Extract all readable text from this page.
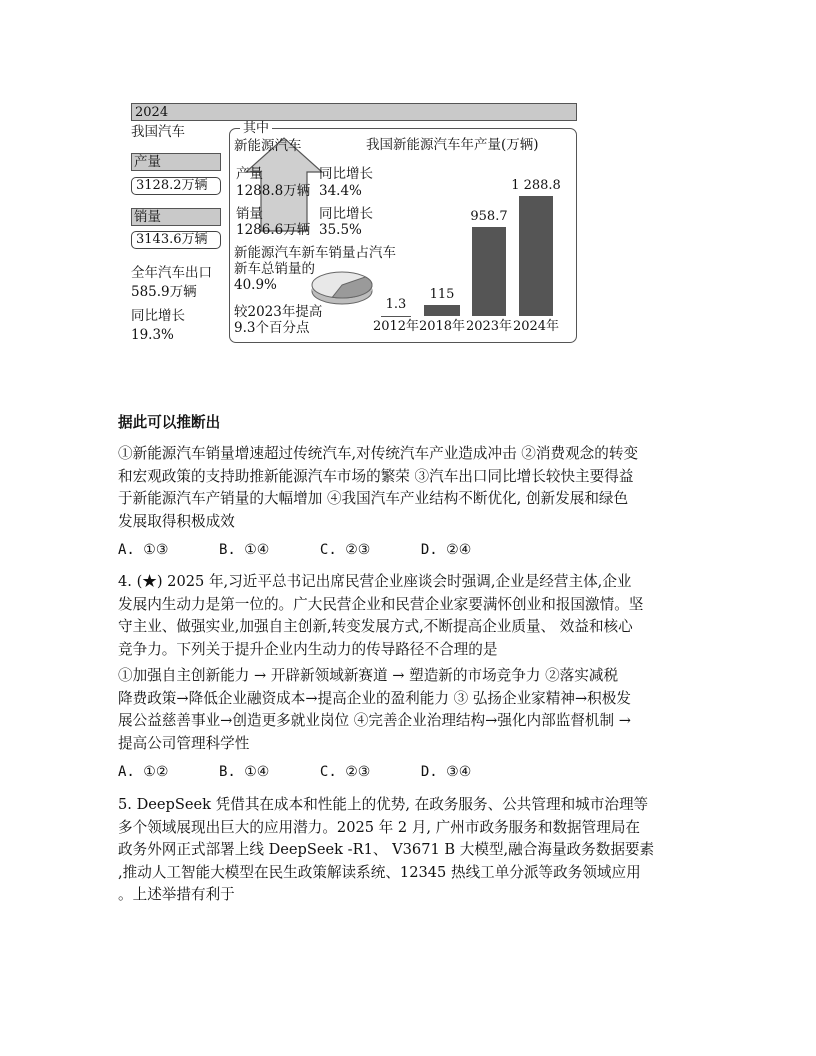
2024
我国汽车
产量
3128.2万辆
销量
3143.6万辆
全年汽车出口
585.9万辆
同比增长
19.3%
其中
新能源汽车
产量
1288.8万辆
同比增长
34.4%
销量
1286.6万辆
同比增长
35.5%
新能源汽车新车销量占汽车
新车总销量的
40.9%
较2023年提高
9.3个百分点
我国新能源汽车年产量(万辆)
1.3
2012年
115
2018年
958.7
2023年
1 288.8
2024年
据此可以推断出
①新能源汽车销量增速超过传统汽车,对传统汽车产业造成冲击 ②消费观念的转变
和宏观政策的支持助推新能源汽车市场的繁荣 ③汽车出口同比增长较快主要得益
于新能源汽车产销量的大幅增加 ④我国汽车产业结构不断优化, 创新发展和绿色
发展取得积极成效
A. ①③      B. ①④      C. ②③      D. ②④
4. (★) 2025 年,习近平总书记出席民营企业座谈会时强调,企业是经营主体,企业
发展内生动力是第一位的。广大民营企业和民营企业家要满怀创业和报国激情。坚
守主业、做强实业,加强自主创新,转变发展方式,不断提高企业质量、 效益和核心
竞争力。下列关于提升企业内生动力的传导路径不合理的是
①加强自主创新能力 → 开辟新领域新赛道 → 塑造新的市场竞争力 ②落实减税
降费政策→降低企业融资成本→提高企业的盈利能力 ③ 弘扬企业家精神→积极发
展公益慈善事业→创造更多就业岗位 ④完善企业治理结构→强化内部监督机制 →
提高公司管理科学性
A. ①②      B. ①④      C. ②③      D. ③④
5. DeepSeek 凭借其在成本和性能上的优势, 在政务服务、公共管理和城市治理等
多个领域展现出巨大的应用潜力。2025 年 2 月, 广州市政务服务和数据管理局在
政务外网正式部署上线 DeepSeek -R1、 V3671 B 大模型,融合海量政务数据要素
,推动人工智能大模型在民生政策解读系统、12345 热线工单分派等政务领域应用
。上述举措有利于
